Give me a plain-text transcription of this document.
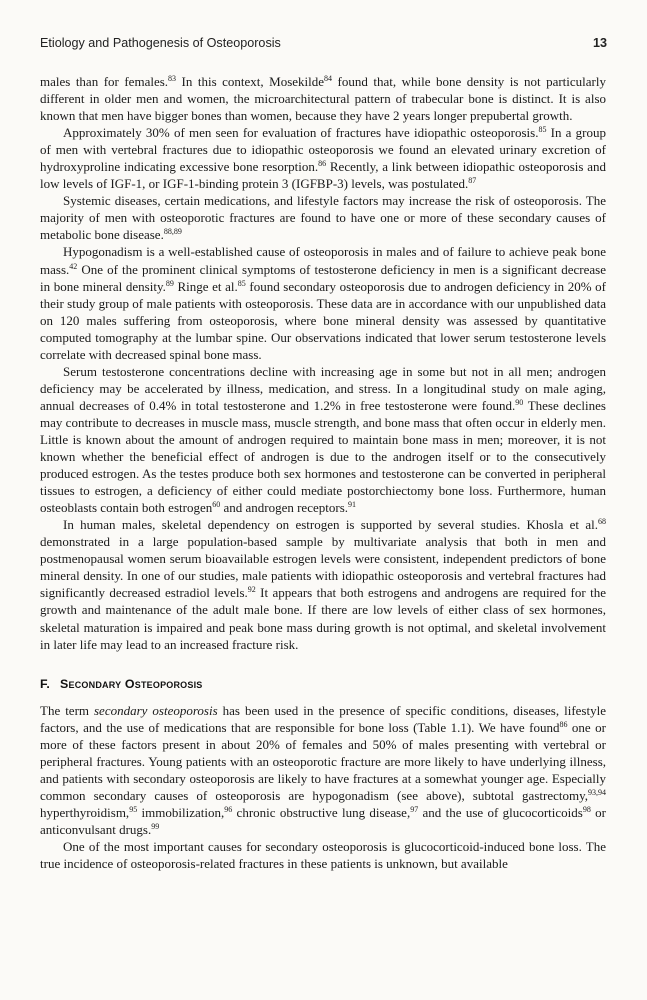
Etiology and Pathogenesis of Osteoporosis	13

males than for females.$^{83}$ In this context, Mosekilde$^{84}$ found that, while bone density is not particularly different in older men and women, the microarchitectural pattern of trabecular bone is distinct. It is also known that men have bigger bones than women, because they have 2 years longer prepubertal growth.

Approximately 30% of men seen for evaluation of fractures have idiopathic osteoporosis.$^{85}$ In a group of men with vertebral fractures due to idiopathic osteoporosis we found an elevated urinary excretion of hydroxyproline indicating excessive bone resorption.$^{86}$ Recently, a link between idiopathic osteoporosis and low levels of IGF-1, or IGF-1-binding protein 3 (IGFBP-3) levels, was postulated.$^{87}$

Systemic diseases, certain medications, and lifestyle factors may increase the risk of osteoporosis. The majority of men with osteoporotic fractures are found to have one or more of these secondary causes of metabolic bone disease.$^{88,89}$

Hypogonadism is a well-established cause of osteoporosis in males and of failure to achieve peak bone mass.$^{42}$ One of the prominent clinical symptoms of testosterone deficiency in men is a significant decrease in bone mineral density.$^{89}$ Ringe et al.$^{85}$ found secondary osteoporosis due to androgen deficiency in 20% of their study group of male patients with osteoporosis. These data are in accordance with our unpublished data on 120 males suffering from osteoporosis, where bone mineral density was assessed by quantitative computed tomography at the lumbar spine. Our observations indicated that lower serum testosterone levels correlate with decreased spinal bone mass.

Serum testosterone concentrations decline with increasing age in some but not in all men; androgen deficiency may be accelerated by illness, medication, and stress. In a longitudinal study on male aging, annual decreases of 0.4% in total testosterone and 1.2% in free testosterone were found.$^{90}$ These declines may contribute to decreases in muscle mass, muscle strength, and bone mass that often occur in elderly men. Little is known about the amount of androgen required to maintain bone mass in men; moreover, it is not known whether the beneficial effect of androgen is due to the androgen itself or to the consecutively produced estrogen. As the testes produce both sex hormones and testosterone can be converted in peripheral tissues to estrogen, a deficiency of either could mediate postorchiectomy bone loss. Furthermore, human osteoblasts contain both estrogen$^{60}$ and androgen receptors.$^{91}$

In human males, skeletal dependency on estrogen is supported by several studies. Khosla et al.$^{68}$ demonstrated in a large population-based sample by multivariate analysis that both in men and postmenopausal women serum bioavailable estrogen levels were consistent, independent predictors of bone mineral density. In one of our studies, male patients with idiopathic osteoporosis and vertebral fractures had significantly decreased estradiol levels.$^{92}$ It appears that both estrogens and androgens are required for the growth and maintenance of the adult male bone. If there are low levels of either class of sex hormones, skeletal maturation is impaired and peak bone mass during growth is not optimal, and skeletal involvement in later life may lead to an increased fracture risk.

F. Secondary Osteoporosis

The term secondary osteoporosis has been used in the presence of specific conditions, diseases, lifestyle factors, and the use of medications that are responsible for bone loss (Table 1.1). We have found$^{86}$ one or more of these factors present in about 20% of females and 50% of males presenting with vertebral or peripheral fractures. Young patients with an osteoporotic fracture are more likely to have underlying illness, and patients with secondary osteoporosis are likely to have fractures at a somewhat younger age. Especially common secondary causes of osteoporosis are hypogonadism (see above), subtotal gastrectomy,$^{93,94}$ hyperthyroidism,$^{95}$ immobilization,$^{96}$ chronic obstructive lung disease,$^{97}$ and the use of glucocorticoids$^{98}$ or anticonvulsant drugs.$^{99}$

One of the most important causes for secondary osteoporosis is glucocorticoid-induced bone loss. The true incidence of osteoporosis-related fractures in these patients is unknown, but available
